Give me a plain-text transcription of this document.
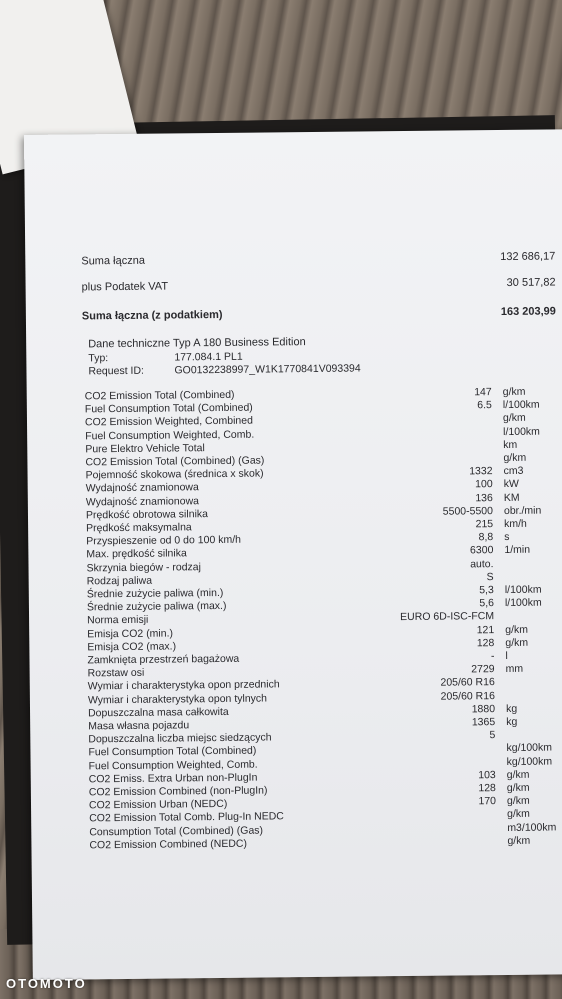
Suma łączna	132 686,17
plus Podatek VAT	30 517,82
Suma łączna (z podatkiem)	163 203,99
Dane techniczne Typ A 180 Business Edition
Typ:	177.084.1 PL1
Request ID:	GO0132238997_W1K1770841V093394
CO2 Emission Total (Combined)	147 g/km
Fuel Consumption Total (Combined)	6.5 l/100km
CO2 Emission Weighted, Combined	g/km
Fuel Consumption Weighted, Comb.	l/100km
Pure Elektro Vehicle Total	km
CO2 Emission Total (Combined) (Gas)	g/km
Pojemność skokowa (średnica x skok)	1332 cm3
Wydajność znamionowa	100 kW
Wydajność znamionowa	136 KM
Prędkość obrotowa silnika	5500-5500 obr./min
Prędkość maksymalna	215 km/h
Przyspieszenie od 0 do 100 km/h	8,8 s
Max. prędkość silnika	6300 1/min
Skrzynia biegów - rodzaj	auto.
Rodzaj paliwa	S
Średnie zużycie paliwa (min.)	5,3 l/100km
Średnie zużycie paliwa (max.)	5,6 l/100km
Norma emisji	EURO 6D-ISC-FCM
Emisja CO2 (min.)	121 g/km
Emisja CO2 (max.)	128 g/km
Zamknięta przestrzeń bagażowa	- l
Rozstaw osi	2729 mm
Wymiar i charakterystyka opon przednich	205/60 R16
Wymiar i charakterystyka opon tylnych	205/60 R16
Dopuszczalna masa całkowita	1880 kg
Masa własna pojazdu	1365 kg
Dopuszczalna liczba miejsc siedzących	5
Fuel Consumption Total (Combined)	kg/100km
Fuel Consumption Weighted, Comb.	kg/100km
CO2 Emiss. Extra Urban non-PlugIn	103 g/km
CO2 Emission Combined (non-PlugIn)	128 g/km
CO2 Emission Urban (NEDC)	170 g/km
CO2 Emission Total Comb. Plug-In NEDC	g/km
Consumption Total (Combined) (Gas)	m3/100km
CO2 Emission Combined (NEDC)	g/km
OTOMOTO
